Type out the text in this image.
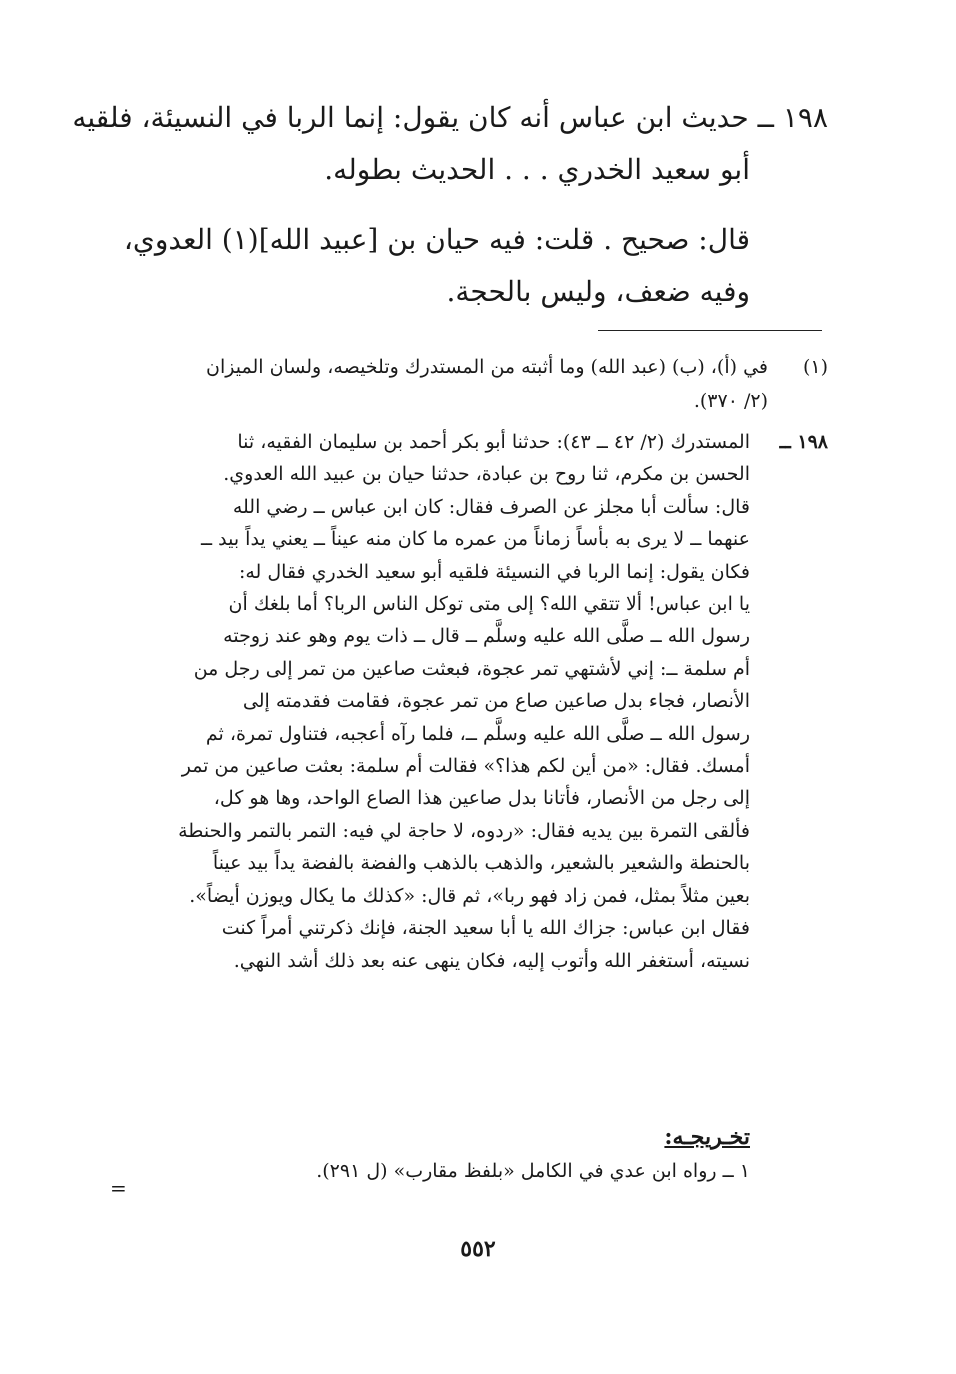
١٩٨ ــ حديث ابن عباس أنه كان يقول: إنما الربا في النسيئة، فلقيه
أبو سعيد الخدري . . . الحديث بطوله.
قال: صحيح . قلت: فيه حيان بن [عبيد الله](١) العدوي،
وفيه ضعف، وليس بالحجة.
(١)
في (أ)، (ب) (عبد الله) وما أثبته من المستدرك وتلخيصه، ولسان الميزان
(٢/ ٣٧٠).
١٩٨ ــ
المستدرك (٢/ ٤٢ ــ ٤٣): حدثنا أبو بكر أحمد بن سليمان الفقيه، ثنا
الحسن بن مكرم، ثنا روح بن عبادة، حدثنا حيان بن عبيد الله العدوي.
قال: سألت أبا مجلز عن الصرف فقال: كان ابن عباس ــ رضي الله
عنهما ــ لا يرى به بأساً زماناً من عمره ما كان منه عيناً ــ يعني يداً بيد ــ
فكان يقول: إنما الربا في النسيئة فلقيه أبو سعيد الخدري فقال له:
يا ابن عباس! ألا تتقي الله؟ إلى متى توكل الناس الربا؟ أما بلغك أن
رسول الله ــ صلَّى الله عليه وسلَّم ــ قال ــ ذات يوم وهو عند زوجته
أم سلمة ــ: إني لأشتهي تمر عجوة، فبعثت صاعين من تمر إلى رجل من
الأنصار، فجاء بدل صاعين صاع من تمر عجوة، فقامت فقدمته إلى
رسول الله ــ صلَّى الله عليه وسلَّم ــ، فلما رآه أعجبه، فتناول تمرة، ثم
أمسك. فقال: «من أين لكم هذا؟» فقالت أم سلمة: بعثت صاعين من تمر
إلى رجل من الأنصار، فأتانا بدل صاعين هذا الصاع الواحد، وها هو كل،
فألقى التمرة بين يديه فقال: «ردوه، لا حاجة لي فيه: التمر بالتمر والحنطة
بالحنطة والشعير بالشعير، والذهب بالذهب والفضة بالفضة يداً بيد عيناً
بعين مثلاً بمثل، فمن زاد فهو ربا»، ثم قال: «كذلك ما يكال ويوزن أيضاً».
فقال ابن عباس: جزاك الله يا أبا سعيد الجنة، فإنك ذكرتني أمراً كنت
نسيته، أستغفر الله وأتوب إليه، فكان ينهى عنه بعد ذلك أشد النهي.
تخـريجـه:
١ ــ رواه ابن عدي في الكامل «بلفظ مقارب» (ل ٢٩١).
=
٥٥٢
